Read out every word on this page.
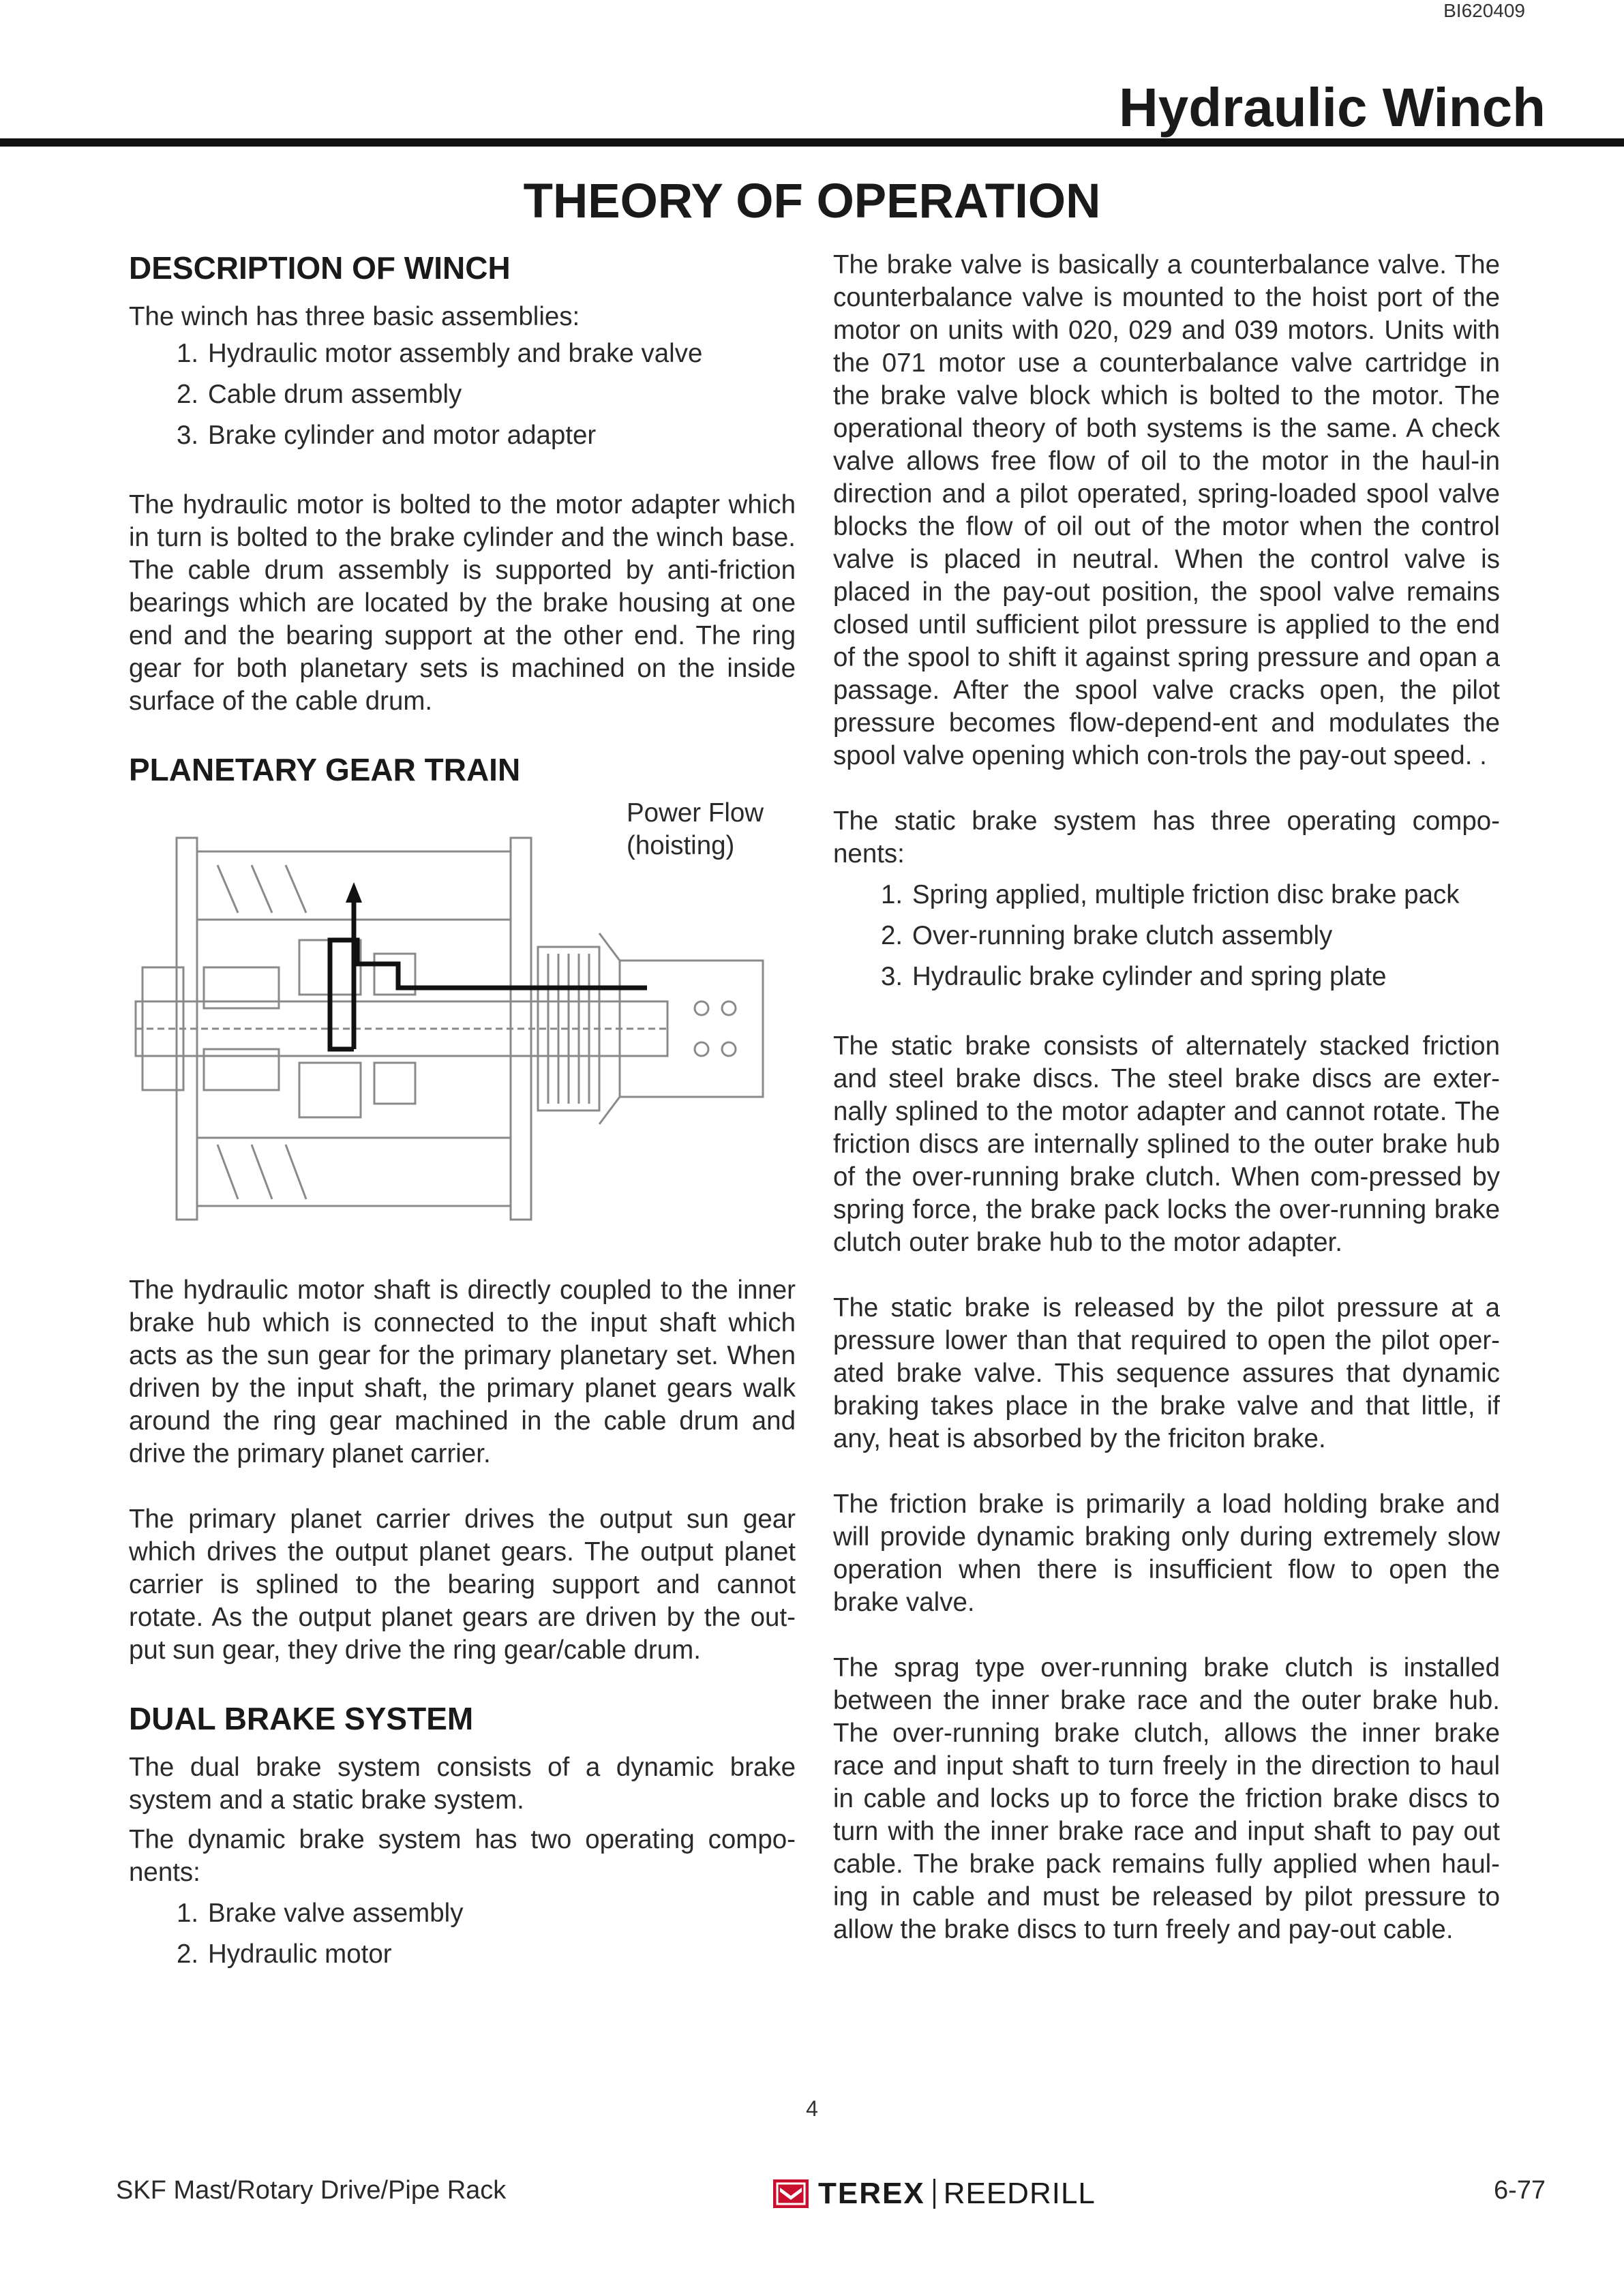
BI620409
Hydraulic Winch
THEORY OF OPERATION
DESCRIPTION OF WINCH
The winch has three basic assemblies:
1. Hydraulic motor assembly and brake valve
2. Cable drum assembly
3. Brake cylinder and motor adapter

The hydraulic motor is bolted to the motor adapter which in turn is bolted to the brake cylinder and the winch base. The cable drum assembly is supported by anti-friction bearings which are located by the brake housing at one end and the bearing support at the other end. The ring gear for both planetary sets is machined on the inside surface of the cable drum.

PLANETARY GEAR TRAIN
Power Flow
(hoisting)

The hydraulic motor shaft is directly coupled to the inner brake hub which is connected to the input shaft which acts as the sun gear for the primary planetary set. When driven by the input shaft, the primary planet gears walk around the ring gear machined in the cable drum and drive the primary planet carrier.

The primary planet carrier drives the output sun gear which drives the output planet gears. The output planet carrier is splined to the bearing support and cannot rotate. As the output planet gears are driven by the out-put sun gear, they drive the ring gear/cable drum.

DUAL BRAKE SYSTEM

The dual brake system consists of a dynamic brake system and a static brake system.

The dynamic brake system has two operating compo-nents:

1. Brake valve assembly
2. Hydraulic motor

The brake valve is basically a counterbalance valve. The counterbalance valve is mounted to the hoist port of the motor on units with 020, 029 and 039 motors. Units with the 071 motor use a counterbalance valve cartridge in the brake valve block which is bolted to the motor. The operational theory of both systems is the same. A check valve allows free flow of oil to the motor in the haul-in direction and a pilot operated, spring-loaded spool valve blocks the flow of oil out of the motor when the control valve is placed in neutral. When the control valve is placed in the pay-out position, the spool valve remains closed until sufficient pilot pressure is applied to the end of the spool to shift it against spring pressure and opan a passage. After the spool valve cracks open, the pilot pressure becomes flow-depend-ent and modulates the spool valve opening which con-trols the pay-out speed. .

The static brake system has three operating compo-nents:

1. Spring applied, multiple friction disc brake pack
2. Over-running brake clutch assembly
3. Hydraulic brake cylinder and spring plate

The static brake consists of alternately stacked friction and steel brake discs. The steel brake discs are exter-nally splined to the motor adapter and cannot rotate. The friction discs are internally splined to the outer brake hub of the over-running brake clutch. When com-pressed by spring force, the brake pack locks the over-running brake clutch outer brake hub to the motor adapter.

The static brake is released by the pilot pressure at a pressure lower than that required to open the pilot oper-ated brake valve. This sequence assures that dynamic braking takes place in the brake valve and that little, if any, heat is absorbed by the friciton brake.

The friction brake is primarily a load holding brake and will provide dynamic braking only during extremely slow operation when there is insufficient flow to open the brake valve.

The sprag type over-running brake clutch is installed between the inner brake race and the outer brake hub. The over-running brake clutch, allows the inner brake race and input shaft to turn freely in the direction to haul in cable and locks up to force the friction brake discs to turn with the inner brake race and input shaft to pay out cable. The brake pack remains fully applied when haul-ing in cable and must be released by pilot pressure to allow the brake discs to turn freely and pay-out cable.

4
SKF Mast/Rotary Drive/Pipe Rack	TEREX REEDRILL	6-77
